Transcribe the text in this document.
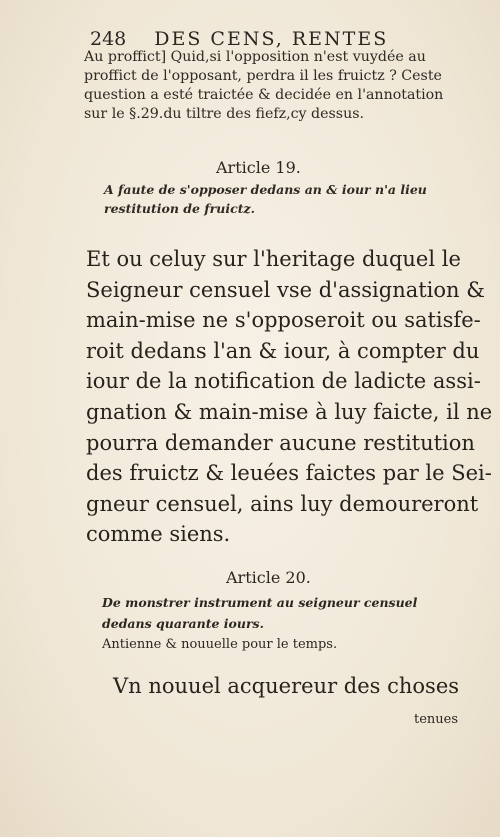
248 DES CENS, RENTES
Au proffict] Quid,si l'opposition n'est vuydée au
proffict de l'opposant, perdra il les fruictz ? Ceste
question a esté traictée & decidée en l'annotation
sur le §.29.du tiltre des fiefz,cy dessus.
Article 19.
A faute de s'opposer dedans an & iour n'a lieu
restitution de fruictz.
Et ou celuy sur l'heritage duquel le
Seigneur censuel vse d'assignation &
main-mise ne s'opposeroit ou satisfe-
roit dedans l'an & iour, à compter du
iour de la notification de ladicte assi-
gnation & main-mise à luy faicte, il ne
pourra demander aucune restitution
des fruictz & leuées faictes par le Sei-
gneur censuel, ains luy demoureront
comme siens.
Article 20.
De monstrer instrument au seigneur censuel
dedans quarante iours.
Antienne & nouuelle pour le temps.
Vn nouuel acquereur des choses
tenues
